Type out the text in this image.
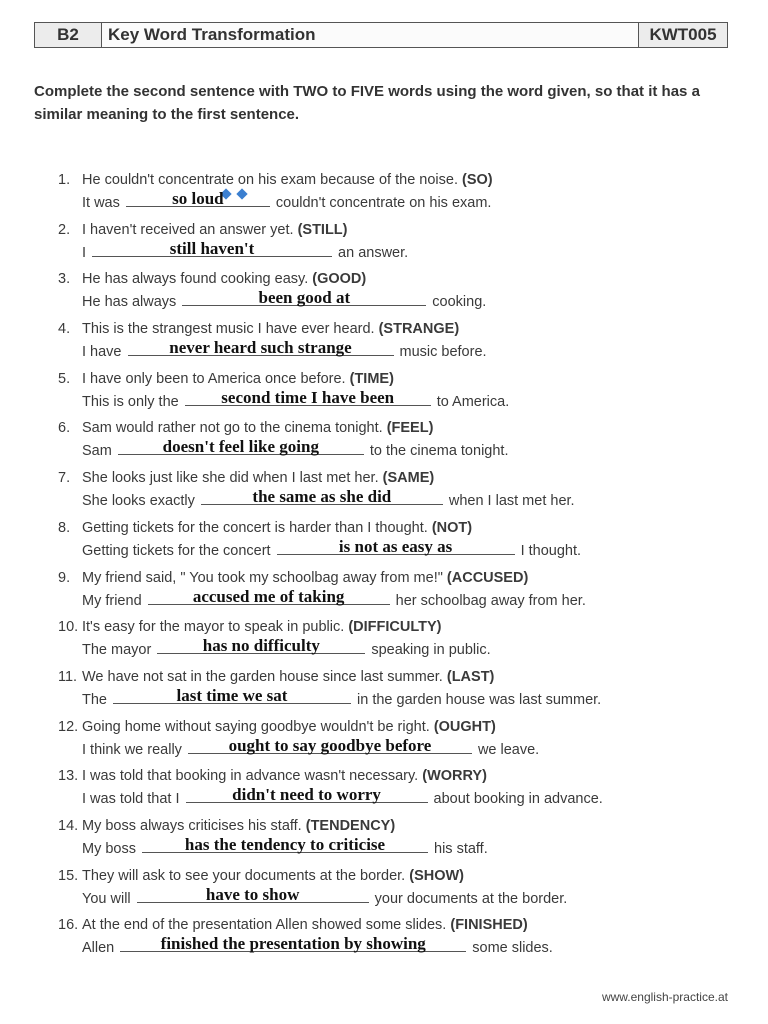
B2	Key Word Transformation	KWT005
Complete the second sentence with TWO to FIVE words using the word given, so that it has a similar meaning to the first sentence.
1. He couldn't concentrate on his exam because of the noise. (SO)
It was	so loud	couldn't concentrate on his exam.
2. I haven't received an answer yet. (STILL)
I	still haven't	an answer.
3. He has always found cooking easy. (GOOD)
He has always	been good at	cooking.
4. This is the strangest music I have ever heard. (STRANGE)
I have	never heard such strange	music before.
5. I have only been to America once before. (TIME)
This is only the	second time I have been	to America.
6. Sam would rather not go to the cinema tonight. (FEEL)
Sam	doesn't feel like going	to the cinema tonight.
7. She looks just like she did when I last met her. (SAME)
She looks exactly	the same as she did	when I last met her.
8. Getting tickets for the concert is harder than I thought. (NOT)
Getting tickets for the concert	is not as easy as	I thought.
9. My friend said, " You took my schoolbag away from me!" (ACCUSED)
My friend	accused me of taking	her schoolbag away from her.
10. It's easy for the mayor to speak in public. (DIFFICULTY)
The mayor	has no difficulty	speaking in public.
11. We have not sat in the garden house since last summer. (LAST)
The	last time we sat	in the garden house was last summer.
12. Going home without saying goodbye wouldn't be right. (OUGHT)
I think we really	ought to say goodbye before	we leave.
13. I was told that booking in advance wasn't necessary. (WORRY)
I was told that I	didn't need to worry	about booking in advance.
14. My boss always criticises his staff. (TENDENCY)
My boss	has the tendency to criticise	his staff.
15. They will ask to see your documents at the border. (SHOW)
You will	have to show	your documents at the border.
16. At the end of the presentation Allen showed some slides. (FINISHED)
Allen	finished the presentation by showing	some slides.
www.english-practice.at
